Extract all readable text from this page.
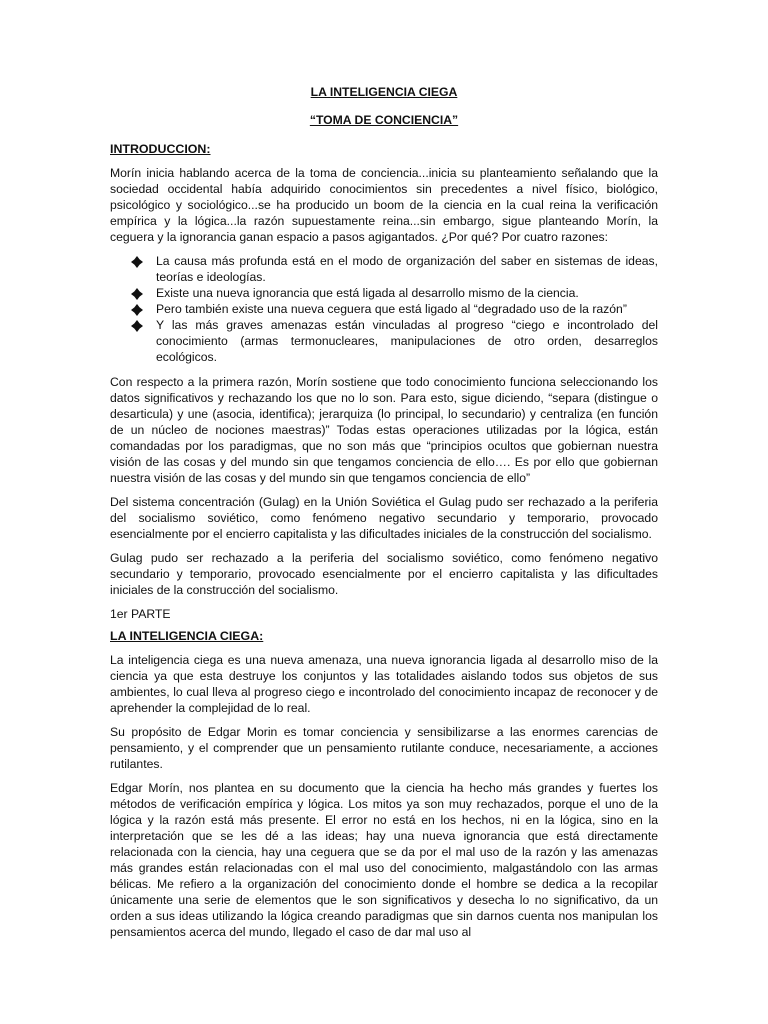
LA INTELIGENCIA CIEGA

“TOMA DE CONCIENCIA”

INTRODUCCION:

Morín inicia hablando acerca de la toma de conciencia...inicia su planteamiento señalando que la sociedad occidental había adquirido conocimientos sin precedentes a nivel físico, biológico, psicológico y sociológico...se ha producido un boom de la ciencia en la cual reina la verificación empírica y la lógica...la razón supuestamente reina...sin embargo, sigue planteando Morín, la ceguera y la ignorancia ganan espacio a pasos agigantados. ¿Por qué? Por cuatro razones:

La causa más profunda está en el modo de organización del saber en sistemas de ideas, teorías e ideologías.
Existe una nueva ignorancia que está ligada al desarrollo mismo de la ciencia.
Pero también existe una nueva ceguera que está ligado al “degradado uso de la razón”
Y las más graves amenazas están vinculadas al progreso “ciego e incontrolado del conocimiento (armas termonucleares, manipulaciones de otro orden, desarreglos ecológicos.

Con respecto a la primera razón, Morín sostiene que todo conocimiento funciona seleccionando los datos significativos y rechazando los que no lo son. Para esto, sigue diciendo, “separa (distingue o desarticula) y une (asocia, identifica); jerarquiza (lo principal, lo secundario) y centraliza (en función de un núcleo de nociones maestras)” Todas estas operaciones utilizadas por la lógica, están comandadas por los paradigmas, que no son más que “principios ocultos que gobiernan nuestra visión de las cosas y del mundo sin que tengamos conciencia de ello…. Es por ello que gobiernan nuestra visión de las cosas y del mundo sin que tengamos conciencia de ello”

Del sistema concentración (Gulag) en la Unión Soviética el Gulag pudo ser rechazado a la periferia del socialismo soviético, como fenómeno negativo secundario y temporario, provocado esencialmente por el encierro capitalista y las dificultades iniciales de la construcción del socialismo.

Gulag pudo ser rechazado a la periferia del socialismo soviético, como fenómeno negativo secundario y temporario, provocado esencialmente por el encierro capitalista y las dificultades iniciales de la construcción del socialismo.

1er PARTE

LA INTELIGENCIA CIEGA:

La inteligencia ciega es una nueva amenaza, una nueva ignorancia ligada al desarrollo miso de la ciencia ya que esta destruye los conjuntos y las totalidades aislando todos sus objetos de sus ambientes, lo cual lleva al progreso ciego e incontrolado del conocimiento incapaz de reconocer y de aprehender la complejidad de lo real.

Su propósito de Edgar Morin es tomar conciencia y sensibilizarse a las enormes carencias de pensamiento, y el comprender que un pensamiento rutilante conduce, necesariamente, a acciones rutilantes.

Edgar Morín, nos plantea en su documento que la ciencia ha hecho más grandes y fuertes los métodos de verificación empírica y lógica. Los mitos ya son muy rechazados, porque el uno de la lógica y la razón está más presente. El error no está en los hechos, ni en la lógica, sino en la interpretación que se les dé a las ideas; hay una nueva ignorancia que está directamente relacionada con la ciencia, hay una ceguera que se da por el mal uso de la razón y las amenazas más grandes están relacionadas con el mal uso del conocimiento, malgastándolo con las armas bélicas. Me refiero a la organización del conocimiento donde el hombre se dedica a la recopilar únicamente una serie de elementos que le son significativos y desecha lo no significativo, da un orden a sus ideas utilizando la lógica creando paradigmas que sin darnos cuenta nos manipulan los pensamientos acerca del mundo, llegado el caso de dar mal uso al
